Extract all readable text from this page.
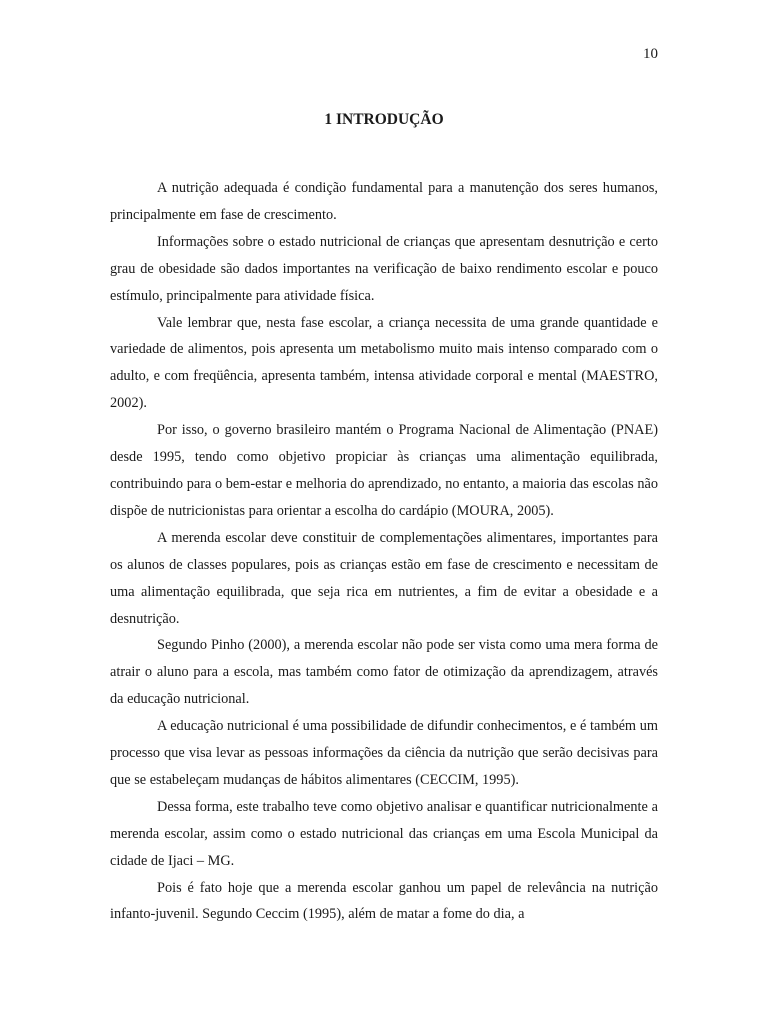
10
1 INTRODUÇÃO

A nutrição adequada é condição fundamental para a manutenção dos seres humanos, principalmente em fase de crescimento.

Informações sobre o estado nutricional de crianças que apresentam desnutrição e certo grau de obesidade são dados importantes na verificação de baixo rendimento escolar e pouco estímulo, principalmente para atividade física.

Vale lembrar que, nesta fase escolar, a criança necessita de uma grande quantidade e variedade de alimentos, pois apresenta um metabolismo muito mais intenso comparado com o adulto, e com freqüência, apresenta também, intensa atividade corporal e mental (MAESTRO, 2002).

Por isso, o governo brasileiro mantém o Programa Nacional de Alimentação (PNAE) desde 1995, tendo como objetivo propiciar às crianças uma alimentação equilibrada, contribuindo para o bem-estar e melhoria do aprendizado, no entanto, a maioria das escolas não dispõe de nutricionistas para orientar a escolha do cardápio (MOURA, 2005).

A merenda escolar deve constituir de complementações alimentares, importantes para os alunos de classes populares, pois as crianças estão em fase de crescimento e necessitam de uma alimentação equilibrada, que seja rica em nutrientes, a fim de evitar a obesidade e a desnutrição.

Segundo Pinho (2000), a merenda escolar não pode ser vista como uma mera forma de atrair o aluno para a escola, mas também como fator de otimização da aprendizagem, através da educação nutricional.

A educação nutricional é uma possibilidade de difundir conhecimentos, e é também um processo que visa levar as pessoas informações da ciência da nutrição que serão decisivas para que se estabeleçam mudanças de hábitos alimentares (CECCIM, 1995).

Dessa forma, este trabalho teve como objetivo analisar e quantificar nutricionalmente a merenda escolar, assim como o estado nutricional das crianças em uma Escola Municipal da cidade de Ijaci – MG.

Pois é fato hoje que a merenda escolar ganhou um papel de relevância na nutrição infanto-juvenil. Segundo Ceccim (1995), além de matar a fome do dia, a
